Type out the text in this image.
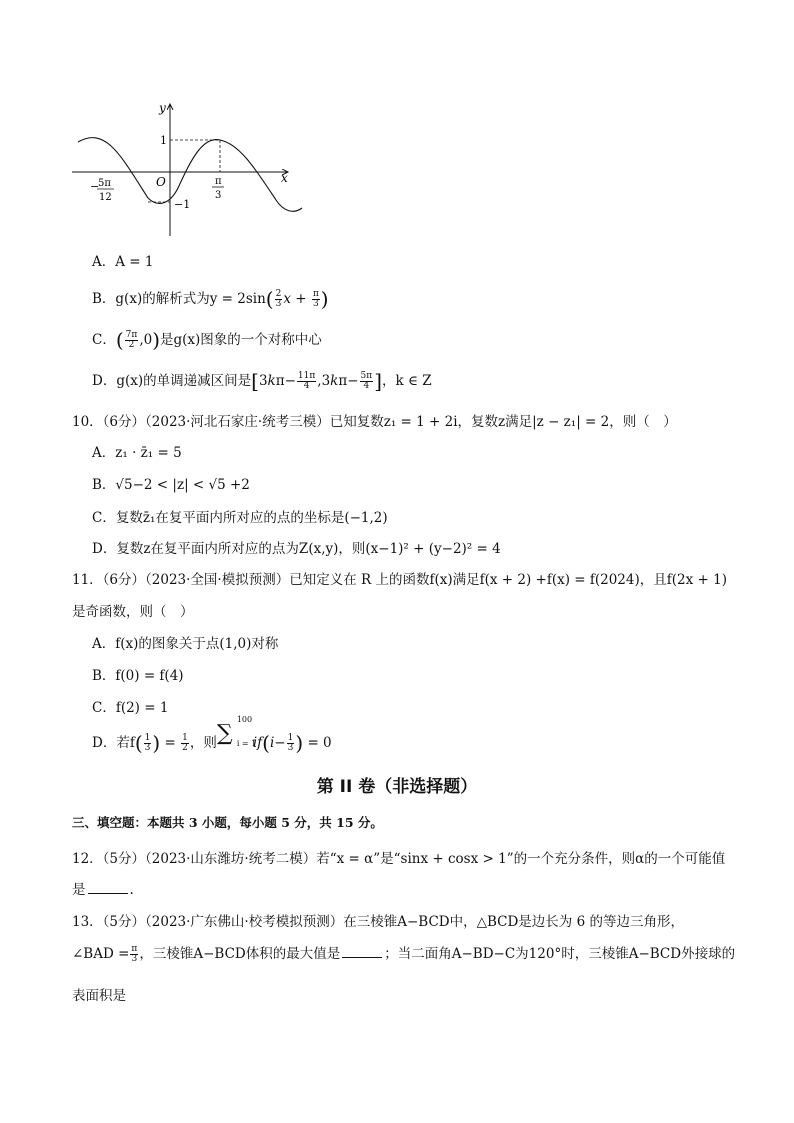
y
x
O
1
−1
−
5π
12
π
3
A．A = 1
B．g(x)的解析式为$y = 2\sin( \frac{2}{3}$ $x + \frac{\pi}{3}$ )
C．( $\frac{7\pi}{2} ,0$)是g(x)图象的一个对称中心
D．g(x)的单调递减区间是[$3k\pi- \frac{11\pi}{4} ,3k\pi- \frac{5\pi}{4}$ ]，k ∈ Z
10．（6分）（2023·河北石家庄·统考三模）已知复数z₁ = 1 + 2i，复数z满足|z − z₁| = 2，则（　）
A．z₁ · z̄₁ = 5
B．√5−2 < |z| < √5 +2
C．复数z̄₁在复平面内所对应的点的坐标是(−1,2)
D．复数z在复平面内所对应的点为Z(x,y)，则(x−1)² + (y−2)² = 4
11．（6分）（2023·全国·模拟预测）已知定义在 R 上的函数f(x)满足f(x + 2) +f(x) = f(2024)，且f(2x + 1)
是奇函数，则（　）
A．f(x)的图象关于点(1,0)对称
B．f(0) = f(4)
C．f(2) = 1
D．若$f( \frac{1}{3}$ ) = $\frac{1}{2}$ ，则 ∑
100
i = 1
$if(i- \frac{1}{3}$ ) = 0
第 II 卷（非选择题）
三、填空题：本题共 3 小题，每小题 5 分，共 15 分。
12．（5分）（2023·山东潍坊·统考二模）若“x = α”是“sinx + cosx > 1”的一个充分条件，则α的一个可能值
是	.
13．（5分）（2023·广东佛山·校考模拟预测）在三棱锥A−BCD中，△BCD是边长为 6 的等边三角形，
∠BAD = $\frac{\pi}{3}$ ，三棱锥A−BCD体积的最大值是	；当二面角A−BD−C为120°时，三棱锥A−BCD外接球的
表面积是
